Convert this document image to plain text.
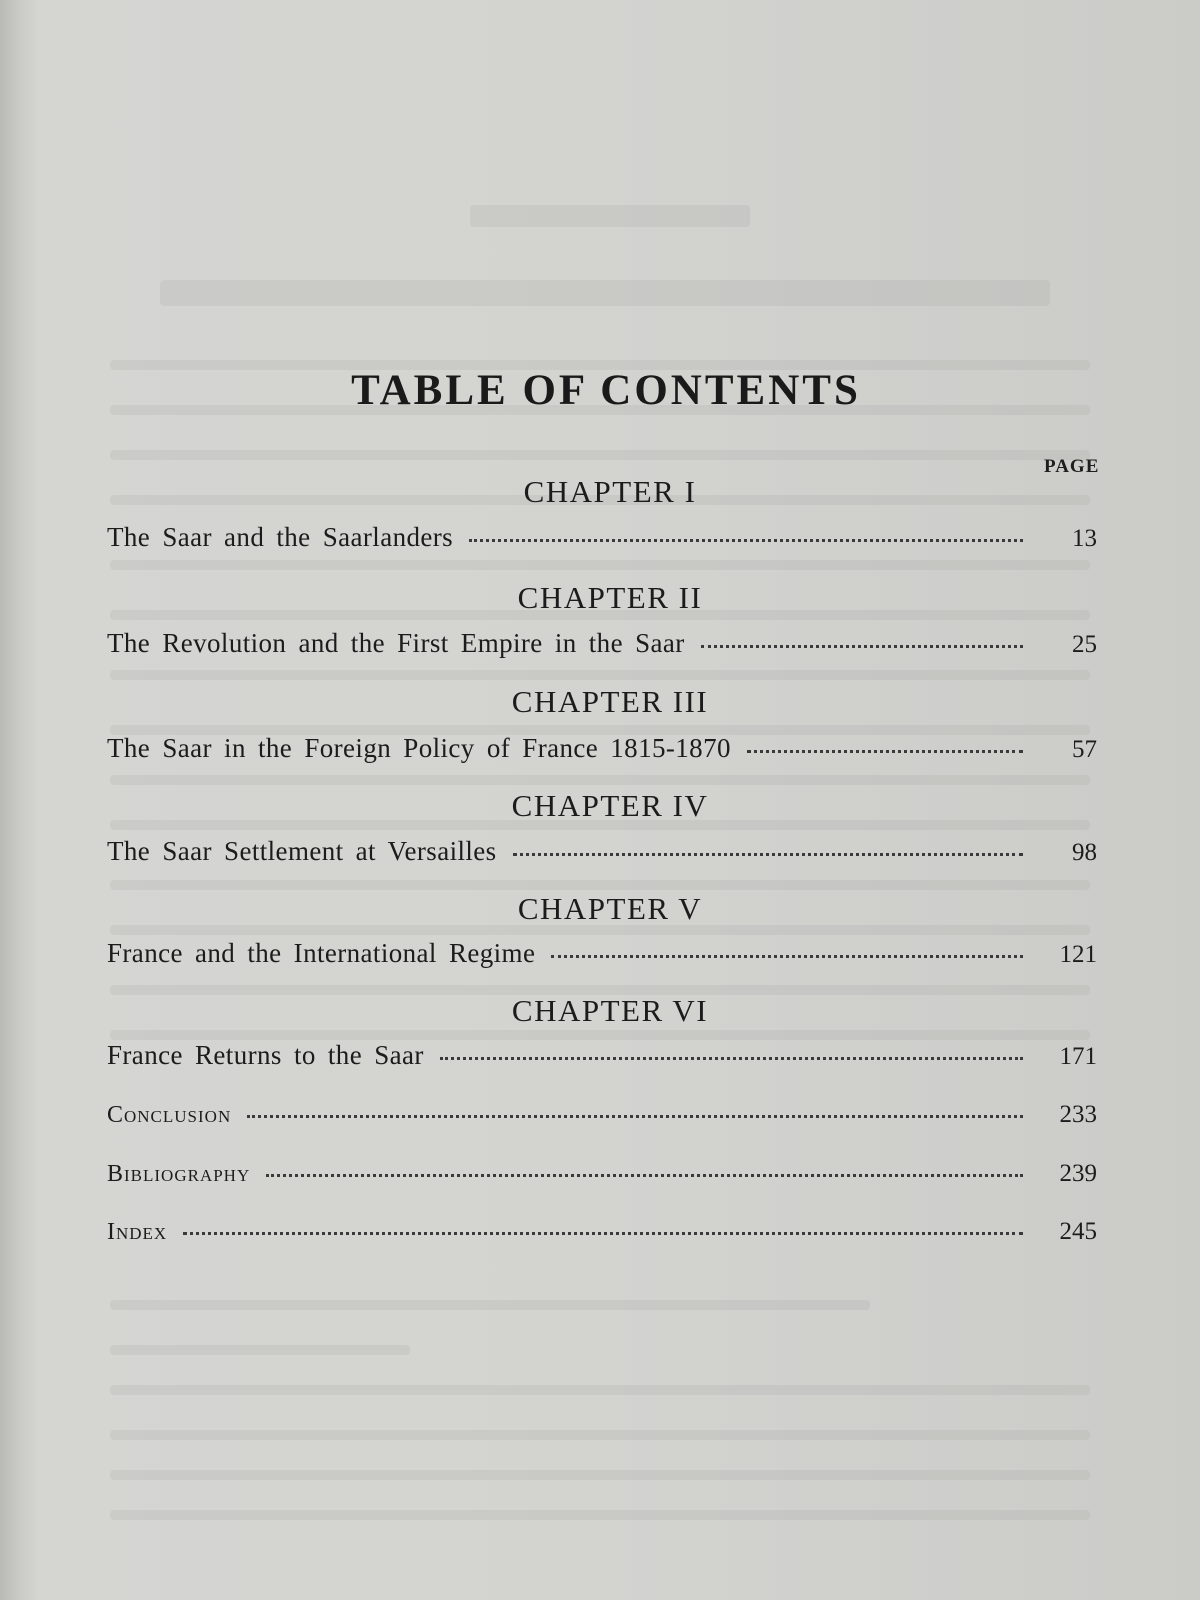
TABLE OF CONTENTS
PAGE
CHAPTER I
The Saar and the Saarlanders	13
CHAPTER II
The Revolution and the First Empire in the Saar	25
CHAPTER III
The Saar in the Foreign Policy of France 1815-1870	57
CHAPTER IV
The Saar Settlement at Versailles	98
CHAPTER V
France and the International Regime	121
CHAPTER VI
France Returns to the Saar	171
Conclusion	233
Bibliography	239
Index	245
